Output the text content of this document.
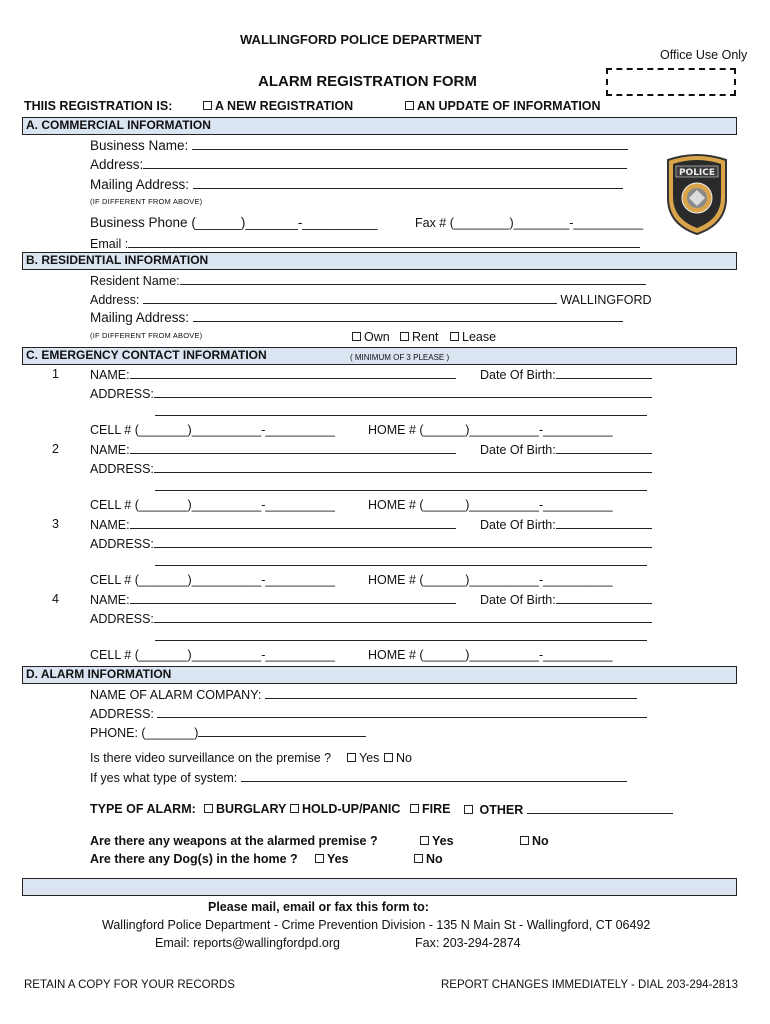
WALLINGFORD POLICE DEPARTMENT
Office Use Only
ALARM REGISTRATION FORM
THIIS REGISTRATION IS:	A NEW REGISTRATION	AN UPDATE OF INFORMATION
A. COMMERCIAL INFORMATION
Business Name:
Address:
Mailing Address:
(IF DIFFERENT FROM ABOVE)
Business Phone (______)_______-__________	Fax # (________)________-__________
Email :
POLICE
B. RESIDENTIAL INFORMATION
Resident Name:
Address:	WALLINGFORD
Mailing Address:
(IF DIFFERENT FROM ABOVE)	Own	Rent	Lease
C. EMERGENCY CONTACT INFORMATION	( MINIMUM OF 3 PLEASE )
1 NAME:	Date Of Birth:
ADDRESS:
CELL # (_______)__________-__________	HOME # (______)__________-__________
2 NAME:	Date Of Birth:
ADDRESS:
CELL # (_______)__________-__________	HOME # (______)__________-__________
3 NAME:	Date Of Birth:
ADDRESS:
CELL # (_______)__________-__________	HOME # (______)__________-__________
4 NAME:	Date Of Birth:
ADDRESS:
CELL # (_______)__________-__________	HOME # (______)__________-__________
D. ALARM INFORMATION
NAME OF ALARM COMPANY:
ADDRESS:
PHONE: (_______)
Is there video surveillance on the premise ?	Yes	No
If yes what type of system:
TYPE OF ALARM:	BURGLARY	HOLD-UP/PANIC	FIRE	OTHER
Are there any weapons at the alarmed premise ?	Yes	No
Are there any Dog(s) in the home ?	Yes	No
Please mail, email or fax this form to:
Wallingford Police Department - Crime Prevention Division - 135 N Main St - Wallingford, CT 06492
Email: reports@wallingfordpd.org	Fax: 203-294-2874
RETAIN A COPY FOR YOUR RECORDS	REPORT CHANGES IMMEDIATELY - DIAL 203-294-2813
